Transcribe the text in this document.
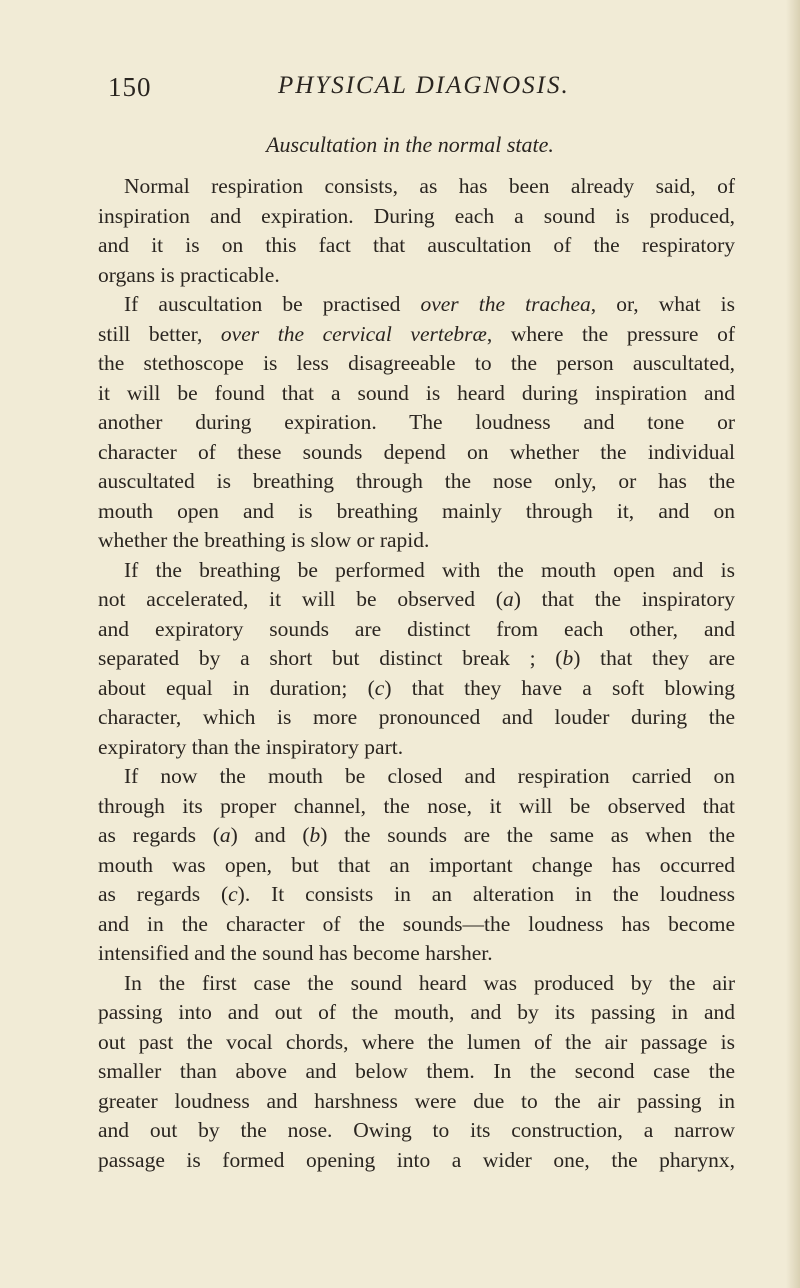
150	PHYSICAL DIAGNOSIS.
Auscultation in the normal state.
Normal respiration consists, as has been already said, of
inspiration and expiration. During each a sound is produced,
and it is on this fact that auscultation of the respiratory
organs is practicable.
If auscultation be practised over the trachea, or, what is
still better, over the cervical vertebræ, where the pressure of
the stethoscope is less disagreeable to the person auscultated,
it will be found that a sound is heard during inspiration and
another during expiration. The loudness and tone or
character of these sounds depend on whether the individual
auscultated is breathing through the nose only, or has the
mouth open and is breathing mainly through it, and on
whether the breathing is slow or rapid.
If the breathing be performed with the mouth open and is
not accelerated, it will be observed (a) that the inspiratory
and expiratory sounds are distinct from each other, and
separated by a short but distinct break ; (b) that they are
about equal in duration; (c) that they have a soft blowing
character, which is more pronounced and louder during the
expiratory than the inspiratory part.
If now the mouth be closed and respiration carried on
through its proper channel, the nose, it will be observed that
as regards (a) and (b) the sounds are the same as when the
mouth was open, but that an important change has occurred
as regards (c). It consists in an alteration in the loudness
and in the character of the sounds—the loudness has become
intensified and the sound has become harsher.
In the first case the sound heard was produced by the air
passing into and out of the mouth, and by its passing in and
out past the vocal chords, where the lumen of the air passage is
smaller than above and below them. In the second case the
greater loudness and harshness were due to the air passing in
and out by the nose. Owing to its construction, a narrow
passage is formed opening into a wider one, the pharynx,
